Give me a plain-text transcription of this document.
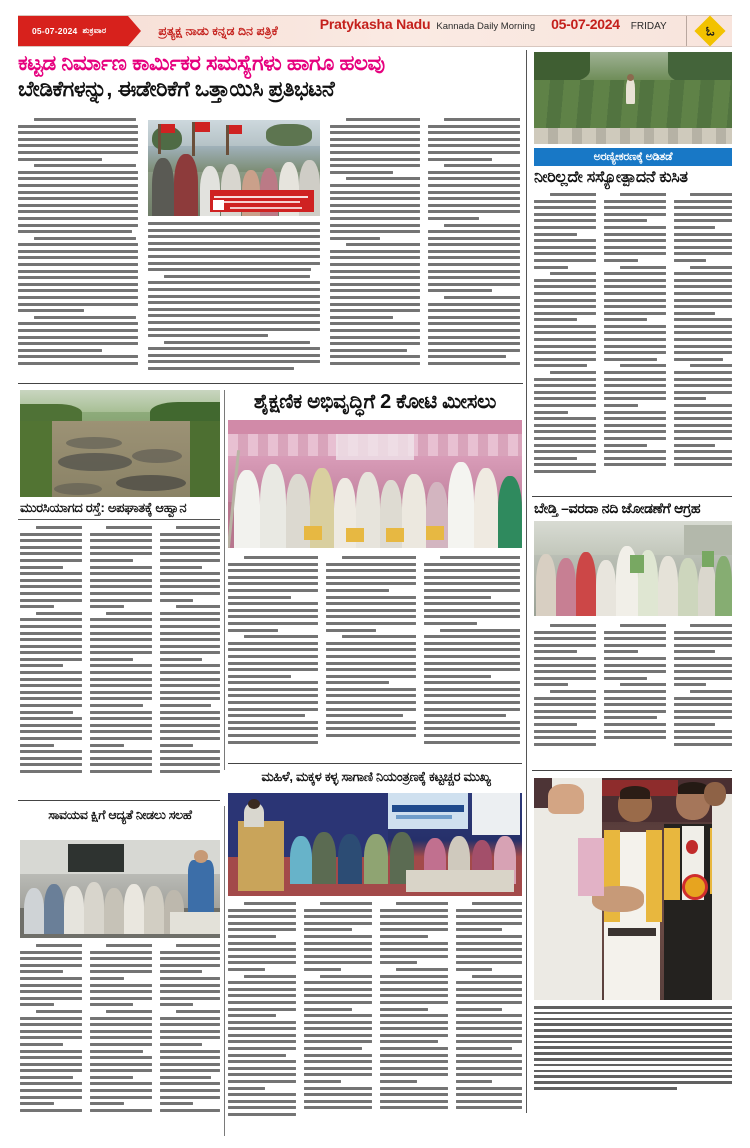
05-07-2024 ಶುಕ್ರವಾರ	ಪ್ರತ್ಯಕ್ಷ ನಾಡು ಕನ್ನಡ ದಿನ ಪತ್ರಿಕೆ	Pratykasha Nadu Kannada Daily Morning 05-07-2024 FRIDAY	ಓ
ಕಟ್ಟಡ ನಿರ್ಮಾಣ ಕಾರ್ಮಿಕರ ಸಮಸ್ಯೆಗಳು ಹಾಗೂ ಹಲವು
ಬೇಡಿಕೆಗಳನ್ನು, ಈಡೇರಿಕೆಗೆ ಒತ್ತಾಯಿಸಿ ಪ್ರತಿಭಟನೆ
ಮುರಸಿಯಾಗದ ರಸ್ತೆ: ಅಪಘಾತಕ್ಕೆ ಆಹ್ವಾನ
ಶೈಕ್ಷಣಿಕ ಅಭಿವೃದ್ಧಿಗೆ 2 ಕೋಟಿ ಮೀಸಲು
ಅರಣ್ಯೀಕರಣಕ್ಕೆ ಅಡಿತಡೆ
ನೀರಿಲ್ಲದೇ ಸಸ್ಯೋತ್ಪಾದನೆ ಕುಸಿತ
ಬೇಡ್ತಿ –ವರದಾ ನದಿ ಜೋಡಣೆಗೆ ಆಗ್ರಹ
ಮಹಿಳೆ, ಮಕ್ಕಳ ಕಳ್ಳ ಸಾಗಾಣಿ ನಿಯಂತ್ರಣಕ್ಕೆ ಕಟ್ಟಚ್ಚರ ಮುಖ್ಯ
ಸಾವಯವ ಕ್ಷಿಗೆ ಆದ್ಯತೆ ನೀಡಲು ಸಲಹೆ
